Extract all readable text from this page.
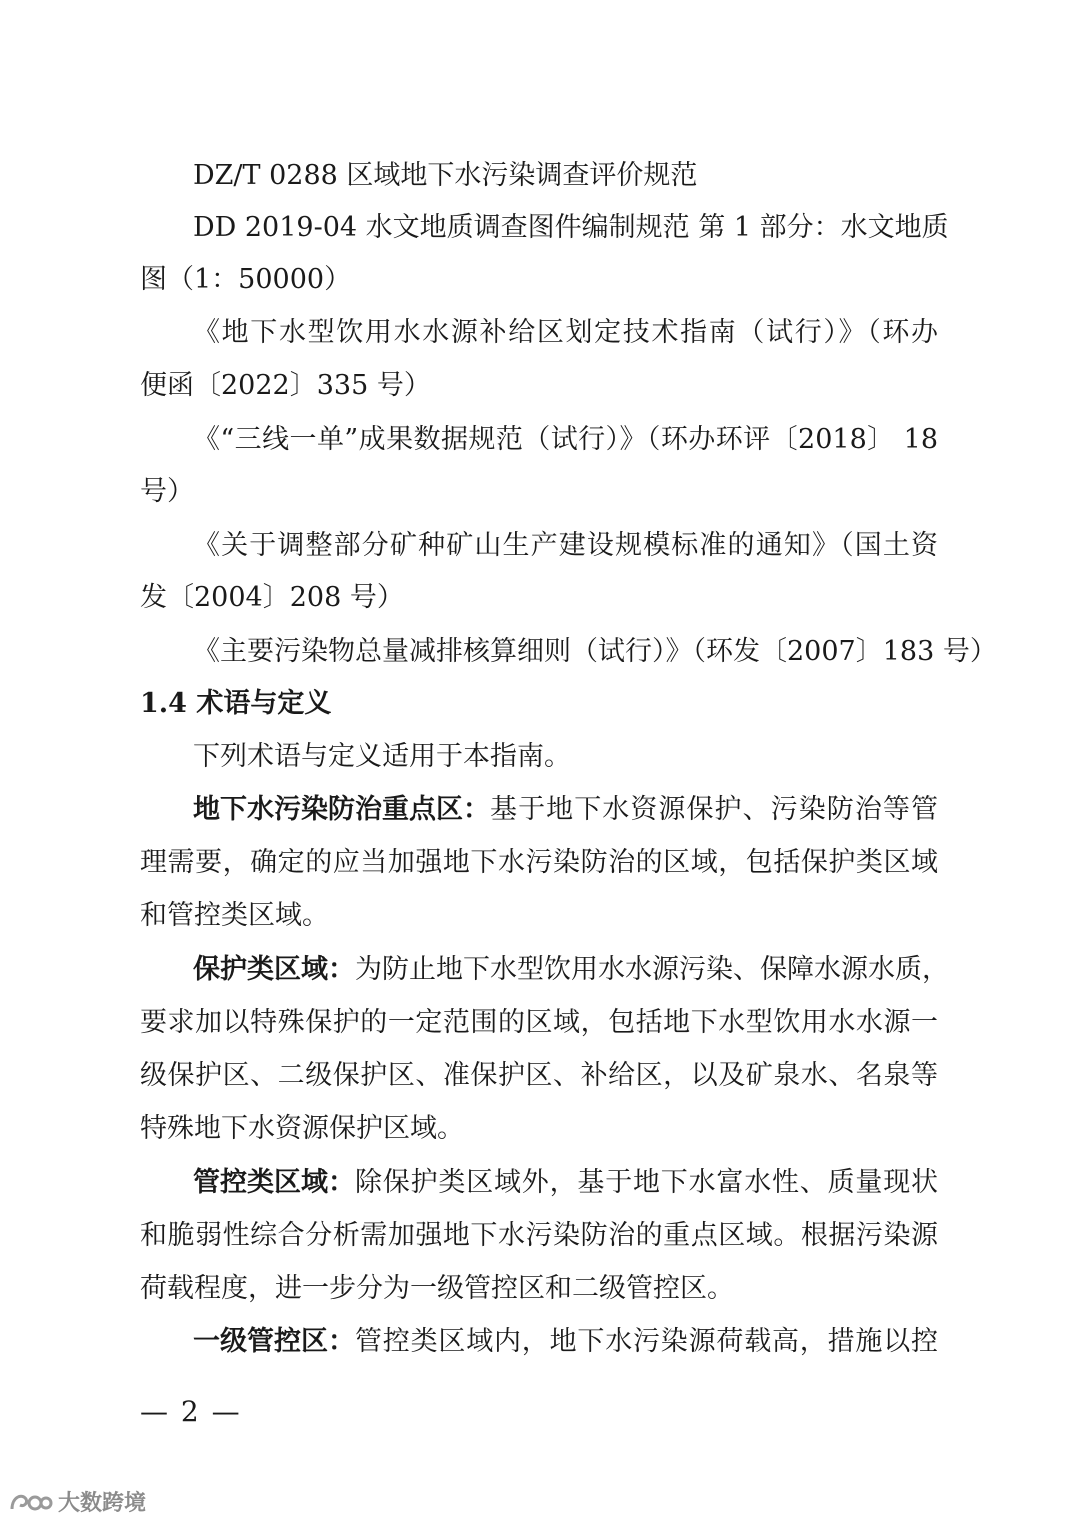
DZ/T 0288 区域地下水污染调查评价规范
DD 2019-04 水文地质调查图件编制规范 第 1 部分：水文地质
图（1：50000）
《地下水型饮用水水源补给区划定技术指南（试行）》（环办
便函〔2022〕335 号）
《“三线一单”成果数据规范（试行）》（环办环评〔2018〕 18
号）
《关于调整部分矿种矿山生产建设规模标准的通知》（国土资
发〔2004〕208 号）
《主要污染物总量减排核算细则（试行）》（环发〔2007〕183 号）
1.4 术语与定义
下列术语与定义适用于本指南。
地下水污染防治重点区： 基于地下水资源保护、污染防治等管
理需要，确定的应当加强地下水污染防治的区域，包括保护类区域
和管控类区域。
保护类区域： 为防止地下水型饮用水水源污染、保障水源水质，
要求加以特殊保护的一定范围的区域，包括地下水型饮用水水源一
级保护区、二级保护区、准保护区、补给区，以及矿泉水、名泉等
特殊地下水资源保护区域。
管控类区域： 除保护类区域外，基于地下水富水性、质量现状
和脆弱性综合分析需加强地下水污染防治的重点区域。根据污染源
荷载程度，进一步分为一级管控区和二级管控区。
一级管控区： 管控类区域内，地下水污染源荷载高，措施以控
— 2 —
大数跨境
